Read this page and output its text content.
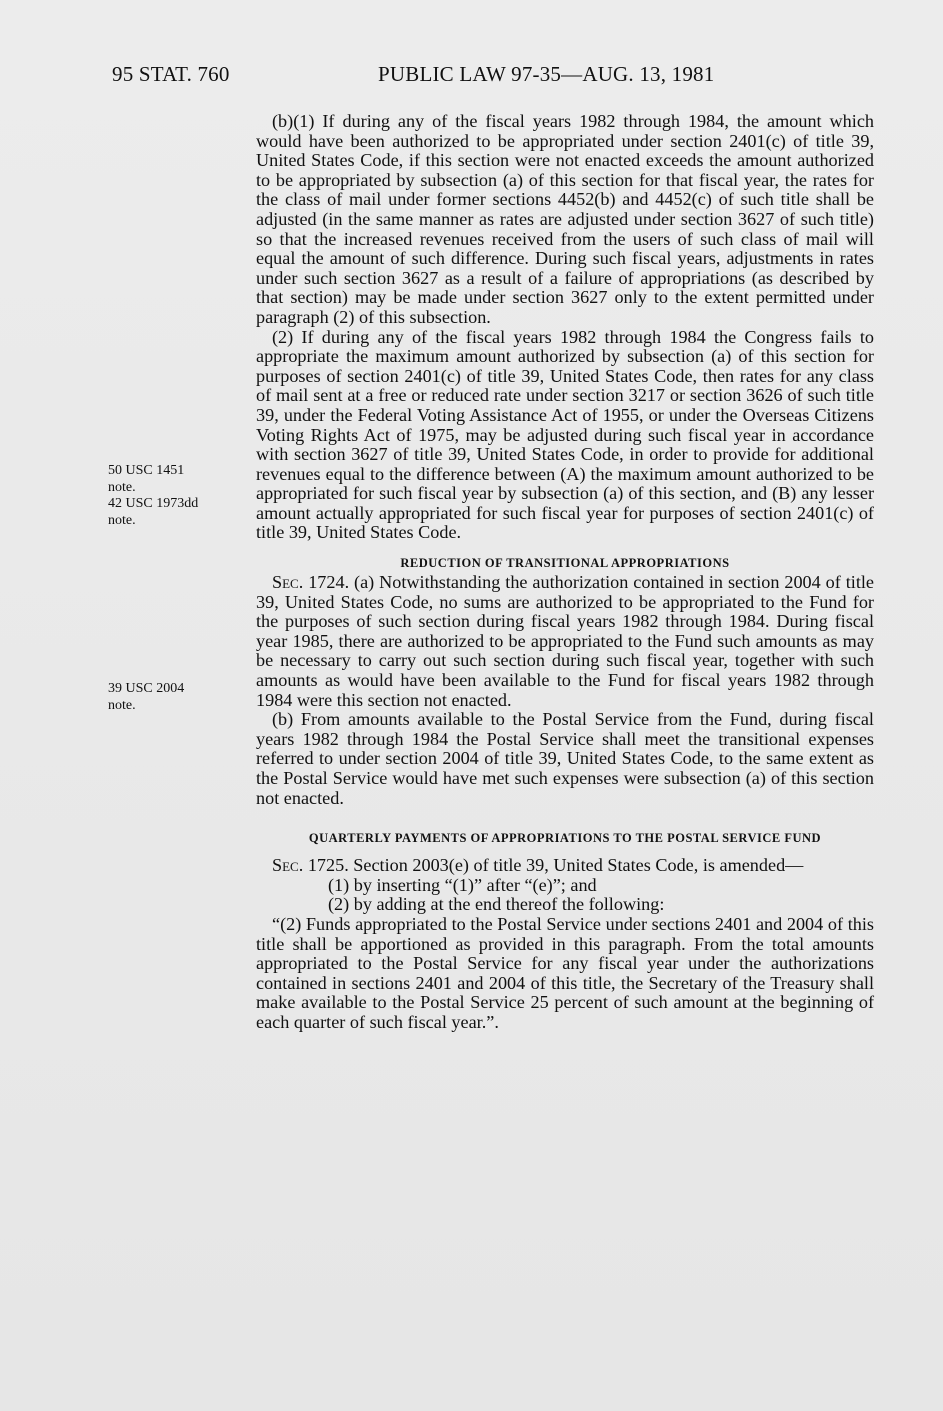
95 STAT. 760	PUBLIC LAW 97-35—AUG. 13, 1981
50 USC 1451
note.
42 USC 1973dd
note.
39 USC 2004
note.

(b)(1) If during any of the fiscal years 1982 through 1984, the amount which would have been authorized to be appropriated under section 2401(c) of title 39, United States Code, if this section were not enacted exceeds the amount authorized to be appropriated by subsection (a) of this section for that fiscal year, the rates for the class of mail under former sections 4452(b) and 4452(c) of such title shall be adjusted (in the same manner as rates are adjusted under section 3627 of such title) so that the increased revenues received from the users of such class of mail will equal the amount of such difference. During such fiscal years, adjustments in rates under such section 3627 as a result of a failure of appropriations (as described by that section) may be made under section 3627 only to the extent permitted under paragraph (2) of this subsection.

(2) If during any of the fiscal years 1982 through 1984 the Congress fails to appropriate the maximum amount authorized by subsection (a) of this section for purposes of section 2401(c) of title 39, United States Code, then rates for any class of mail sent at a free or reduced rate under section 3217 or section 3626 of such title 39, under the Federal Voting Assistance Act of 1955, or under the Overseas Citizens Voting Rights Act of 1975, may be adjusted during such fiscal year in accordance with section 3627 of title 39, United States Code, in order to provide for additional revenues equal to the difference between (A) the maximum amount authorized to be appropriated for such fiscal year by subsection (a) of this section, and (B) any lesser amount actually appropriated for such fiscal year for purposes of section 2401(c) of title 39, United States Code.

REDUCTION OF TRANSITIONAL APPROPRIATIONS

Sec. 1724. (a) Notwithstanding the authorization contained in section 2004 of title 39, United States Code, no sums are authorized to be appropriated to the Fund for the purposes of such section during fiscal years 1982 through 1984. During fiscal year 1985, there are authorized to be appropriated to the Fund such amounts as may be necessary to carry out such section during such fiscal year, together with such amounts as would have been available to the Fund for fiscal years 1982 through 1984 were this section not enacted.

(b) From amounts available to the Postal Service from the Fund, during fiscal years 1982 through 1984 the Postal Service shall meet the transitional expenses referred to under section 2004 of title 39, United States Code, to the same extent as the Postal Service would have met such expenses were subsection (a) of this section not enacted.

QUARTERLY PAYMENTS OF APPROPRIATIONS TO THE POSTAL SERVICE FUND

Sec. 1725. Section 2003(e) of title 39, United States Code, is amended—

(1) by inserting “(1)” after “(e)”; and

(2) by adding at the end thereof the following:

“(2) Funds appropriated to the Postal Service under sections 2401 and 2004 of this title shall be apportioned as provided in this paragraph. From the total amounts appropriated to the Postal Service for any fiscal year under the authorizations contained in sections 2401 and 2004 of this title, the Secretary of the Treasury shall make available to the Postal Service 25 percent of such amount at the beginning of each quarter of such fiscal year.”.
